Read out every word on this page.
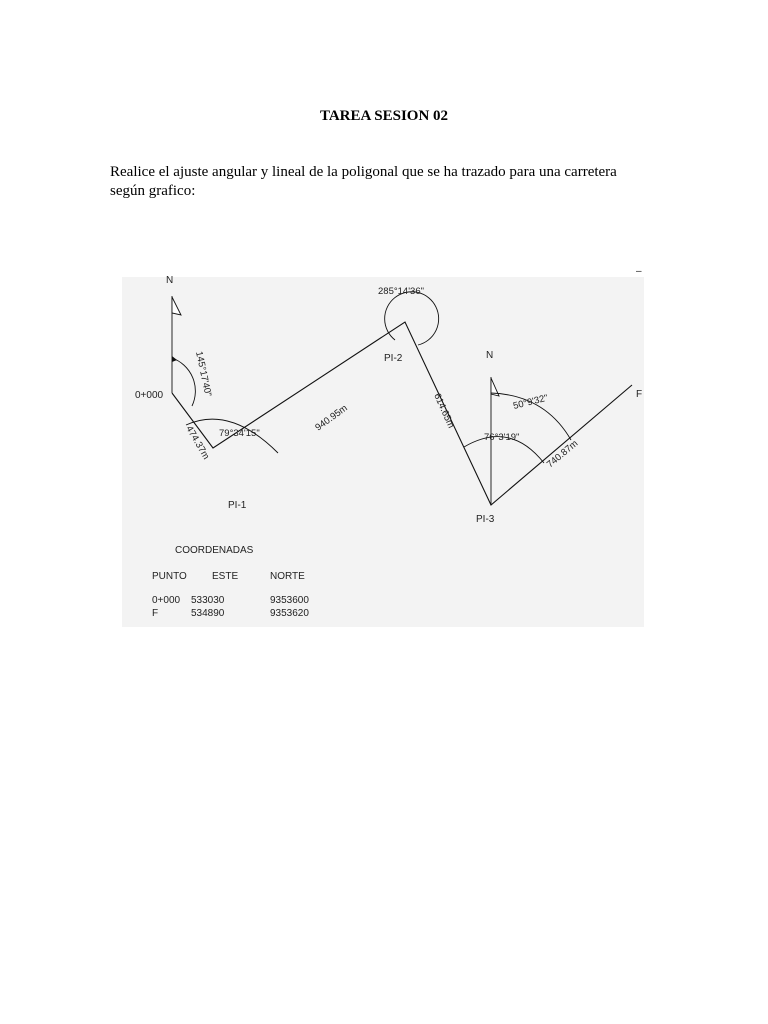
TAREA SESION 02
Realice el ajuste angular y lineal de la poligonal que se ha trazado para una carretera
según grafico:
N
N
145°17'40"
79°34'15"
285°14'36"
76°3'19"
50°9'32"
474.37m
940.95m	614.65m
740.87m
0+000
PI-1
PI-2
PI-3
F
–
COORDENADAS
PUNTO	ESTE	NORTE
0+000 533030	9353600
F	534890	9353620
